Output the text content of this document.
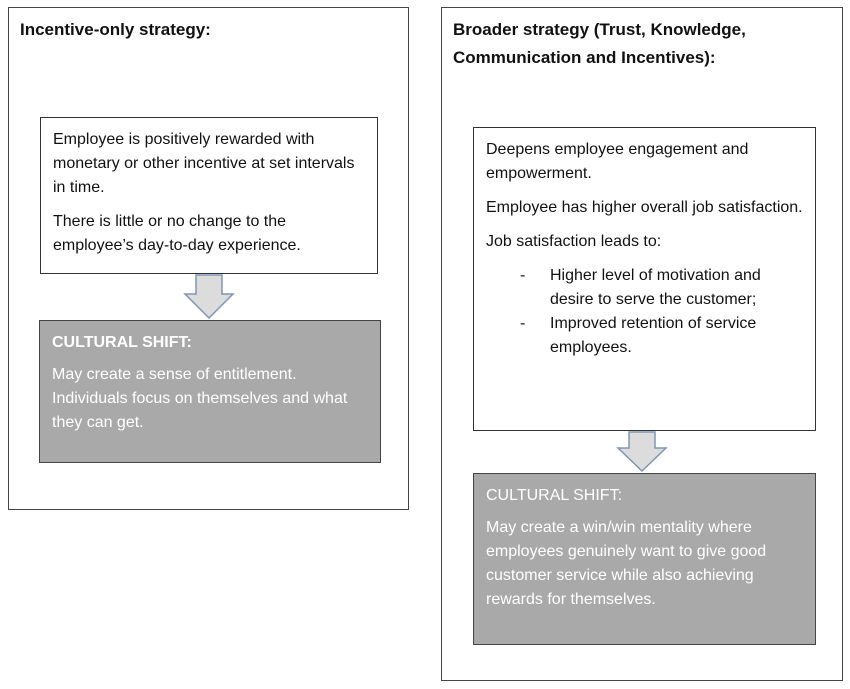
Incentive-only strategy:

Employee is positively rewarded with monetary or other incentive at set intervals in time.

There is little or no change to the employee’s day-to-day experience.

CULTURAL SHIFT:

May create a sense of entitlement. Individuals focus on themselves and what they can get.

Broader strategy (Trust, Knowledge,
Communication and Incentives):

Deepens employee engagement and empowerment.

Employee has higher overall job satisfaction.

Job satisfaction leads to:

- Higher level of motivation and desire to serve the customer;
- Improved retention of service employees.

CULTURAL SHIFT:

May create a win/win mentality where employees genuinely want to give good customer service while also achieving rewards for themselves.
